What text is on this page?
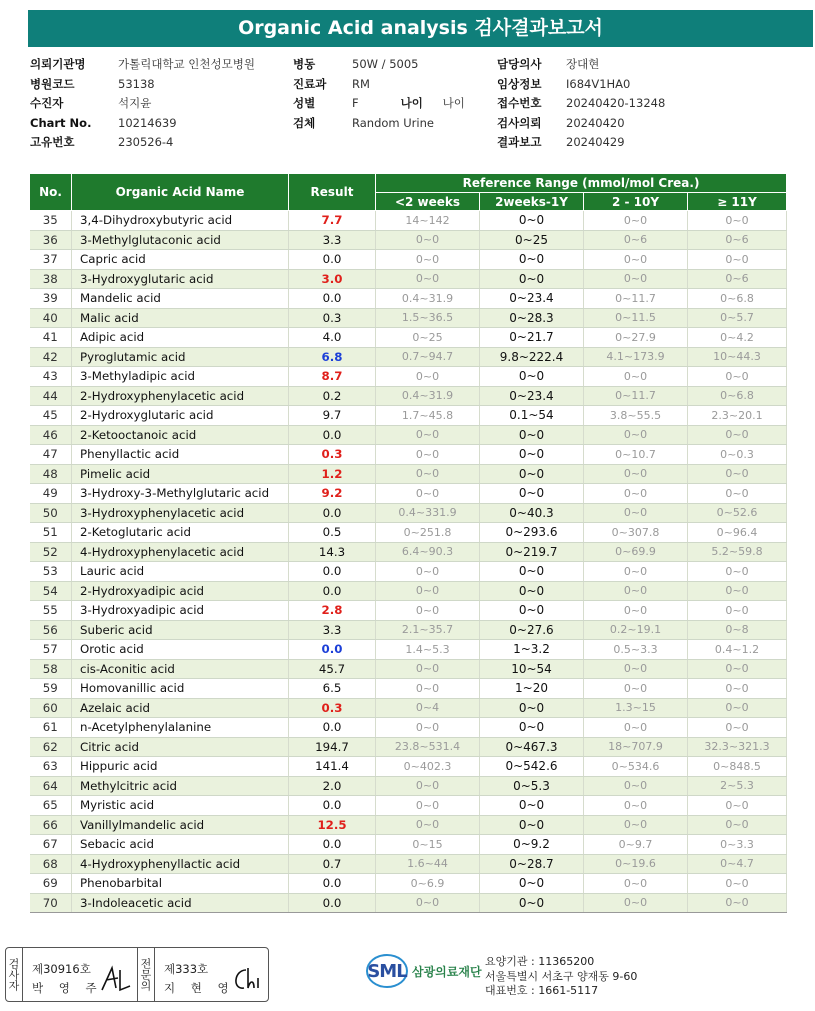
Organic Acid analysis 검사결과보고서
의뢰기관명	가톨릭대학교 인천성모병원
병원코드	53138
수진자	석지윤
Chart No.	10214639
고유번호	230526-4
병동	50W / 5005
진료과	RM
성별	F	나이	나이
검체	Random Urine
담당의사	장대현
임상정보	I684V1HA0
접수번호	20240420-13248
검사의뢰	20240420
결과보고	20240429
No.	Organic Acid Name	Result	Reference Range (mmol/mol Crea.)			
			<2 weeks	2weeks-1Y	2 - 10Y	≥ 11Y
35	3,4-Dihydroxybutyric acid	7.7	14~142	0~0	0~0	0~0
36	3-Methylglutaconic acid	3.3	0~0	0~25	0~6	0~6
37	Capric acid	0.0	0~0	0~0	0~0	0~0
38	3-Hydroxyglutaric acid	3.0	0~0	0~0	0~0	0~6
39	Mandelic acid	0.0	0.4~31.9	0~23.4	0~11.7	0~6.8
40	Malic acid	0.3	1.5~36.5	0~28.3	0~11.5	0~5.7
41	Adipic acid	4.0	0~25	0~21.7	0~27.9	0~4.2
42	Pyroglutamic acid	6.8	0.7~94.7	9.8~222.4	4.1~173.9	10~44.3
43	3-Methyladipic acid	8.7	0~0	0~0	0~0	0~0
44	2-Hydroxyphenylacetic acid	0.2	0.4~31.9	0~23.4	0~11.7	0~6.8
45	2-Hydroxyglutaric acid	9.7	1.7~45.8	0.1~54	3.8~55.5	2.3~20.1
46	2-Ketooctanoic acid	0.0	0~0	0~0	0~0	0~0
47	Phenyllactic acid	0.3	0~0	0~0	0~10.7	0~0.3
48	Pimelic acid	1.2	0~0	0~0	0~0	0~0
49	3-Hydroxy-3-Methylglutaric acid	9.2	0~0	0~0	0~0	0~0
50	3-Hydroxyphenylacetic acid	0.0	0.4~331.9	0~40.3	0~0	0~52.6
51	2-Ketoglutaric acid	0.5	0~251.8	0~293.6	0~307.8	0~96.4
52	4-Hydroxyphenylacetic acid	14.3	6.4~90.3	0~219.7	0~69.9	5.2~59.8
53	Lauric acid	0.0	0~0	0~0	0~0	0~0
54	2-Hydroxyadipic acid	0.0	0~0	0~0	0~0	0~0
55	3-Hydroxyadipic acid	2.8	0~0	0~0	0~0	0~0
56	Suberic acid	3.3	2.1~35.7	0~27.6	0.2~19.1	0~8
57	Orotic acid	0.0	1.4~5.3	1~3.2	0.5~3.3	0.4~1.2
58	cis-Aconitic acid	45.7	0~0	10~54	0~0	0~0
59	Homovanillic acid	6.5	0~0	1~20	0~0	0~0
60	Azelaic acid	0.3	0~4	0~0	1.3~15	0~0
61	n-Acetylphenylalanine	0.0	0~0	0~0	0~0	0~0
62	Citric acid	194.7	23.8~531.4	0~467.3	18~707.9	32.3~321.3
63	Hippuric acid	141.4	0~402.3	0~542.6	0~534.6	0~848.5
64	Methylcitric acid	2.0	0~0	0~5.3	0~0	2~5.3
65	Myristic acid	0.0	0~0	0~0	0~0	0~0
66	Vanillylmandelic acid	12.5	0~0	0~0	0~0	0~0
67	Sebacic acid	0.0	0~15	0~9.2	0~9.7	0~3.3
68	4-Hydroxyphenyllactic acid	0.7	1.6~44	0~28.7	0~19.6	0~4.7
69	Phenobarbital	0.0	0~6.9	0~0	0~0	0~0
70	3-Indoleacetic acid	0.0	0~0	0~0	0~0	0~0
검사자 제30916호
박 영 주	전문의 제333호
지 현 영
SML 삼광의료재단
요양기관 : 11365200
서울특별시 서초구 양재동 9-60
대표번호 : 1661-5117
